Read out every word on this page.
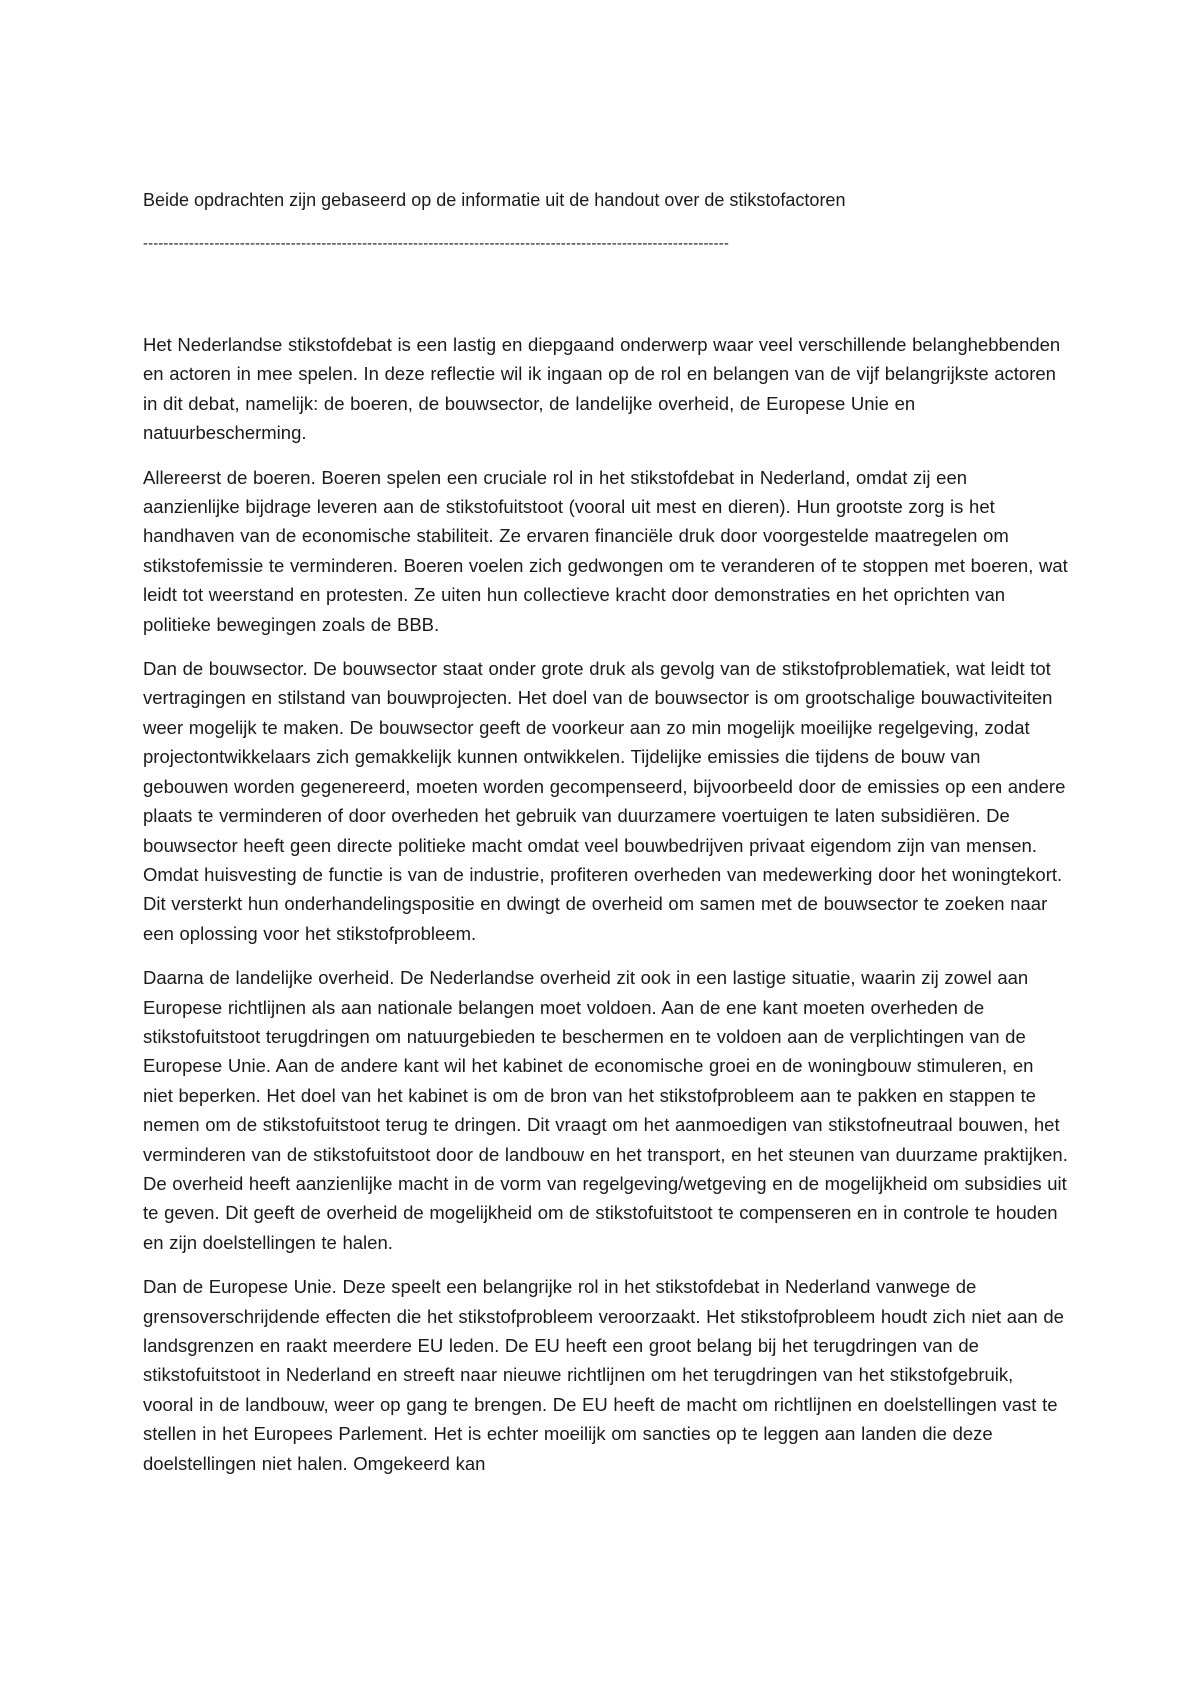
Beide opdrachten zijn gebaseerd op de informatie uit de handout over de stikstofactoren

-------------------------------------------------------------------------------------------------------------------

Het Nederlandse stikstofdebat is een lastig en diepgaand onderwerp waar veel verschillende belanghebbenden en actoren in mee spelen. In deze reflectie wil ik ingaan op de rol en belangen van de vijf belangrijkste actoren in dit debat, namelijk: de boeren, de bouwsector, de landelijke overheid, de Europese Unie en natuurbescherming.

Allereerst de boeren. Boeren spelen een cruciale rol in het stikstofdebat in Nederland, omdat zij een aanzienlijke bijdrage leveren aan de stikstofuitstoot (vooral uit mest en dieren). Hun grootste zorg is het handhaven van de economische stabiliteit. Ze ervaren financiële druk door voorgestelde maatregelen om stikstofemissie te verminderen. Boeren voelen zich gedwongen om te veranderen of te stoppen met boeren, wat leidt tot weerstand en protesten. Ze uiten hun collectieve kracht door demonstraties en het oprichten van politieke bewegingen zoals de BBB.

Dan de bouwsector. De bouwsector staat onder grote druk als gevolg van de stikstofproblematiek, wat leidt tot vertragingen en stilstand van bouwprojecten. Het doel van de bouwsector is om grootschalige bouwactiviteiten weer mogelijk te maken. De bouwsector geeft de voorkeur aan zo min mogelijk moeilijke regelgeving, zodat projectontwikkelaars zich gemakkelijk kunnen ontwikkelen. Tijdelijke emissies die tijdens de bouw van gebouwen worden gegenereerd, moeten worden gecompenseerd, bijvoorbeeld door de emissies op een andere plaats te verminderen of door overheden het gebruik van duurzamere voertuigen te laten subsidiëren. De bouwsector heeft geen directe politieke macht omdat veel bouwbedrijven privaat eigendom zijn van mensen. Omdat huisvesting de functie is van de industrie, profiteren overheden van medewerking door het woningtekort. Dit versterkt hun onderhandelingspositie en dwingt de overheid om samen met de bouwsector te zoeken naar een oplossing voor het stikstofprobleem.

Daarna de landelijke overheid. De Nederlandse overheid zit ook in een lastige situatie, waarin zij zowel aan Europese richtlijnen als aan nationale belangen moet voldoen. Aan de ene kant moeten overheden de stikstofuitstoot terugdringen om natuurgebieden te beschermen en te voldoen aan de verplichtingen van de Europese Unie. Aan de andere kant wil het kabinet de economische groei en de woningbouw stimuleren, en niet beperken. Het doel van het kabinet is om de bron van het stikstofprobleem aan te pakken en stappen te nemen om de stikstofuitstoot terug te dringen. Dit vraagt om het aanmoedigen van stikstofneutraal bouwen, het verminderen van de stikstofuitstoot door de landbouw en het transport, en het steunen van duurzame praktijken. De overheid heeft aanzienlijke macht in de vorm van regelgeving/wetgeving en de mogelijkheid om subsidies uit te geven. Dit geeft de overheid de mogelijkheid om de stikstofuitstoot te compenseren en in controle te houden en zijn doelstellingen te halen.

Dan de Europese Unie. Deze speelt een belangrijke rol in het stikstofdebat in Nederland vanwege de grensoverschrijdende effecten die het stikstofprobleem veroorzaakt. Het stikstofprobleem houdt zich niet aan de landsgrenzen en raakt meerdere EU leden. De EU heeft een groot belang bij het terugdringen van de stikstofuitstoot in Nederland en streeft naar nieuwe richtlijnen om het terugdringen van het stikstofgebruik, vooral in de landbouw, weer op gang te brengen. De EU heeft de macht om richtlijnen en doelstellingen vast te stellen in het Europees Parlement. Het is echter moeilijk om sancties op te leggen aan landen die deze doelstellingen niet halen. Omgekeerd kan
